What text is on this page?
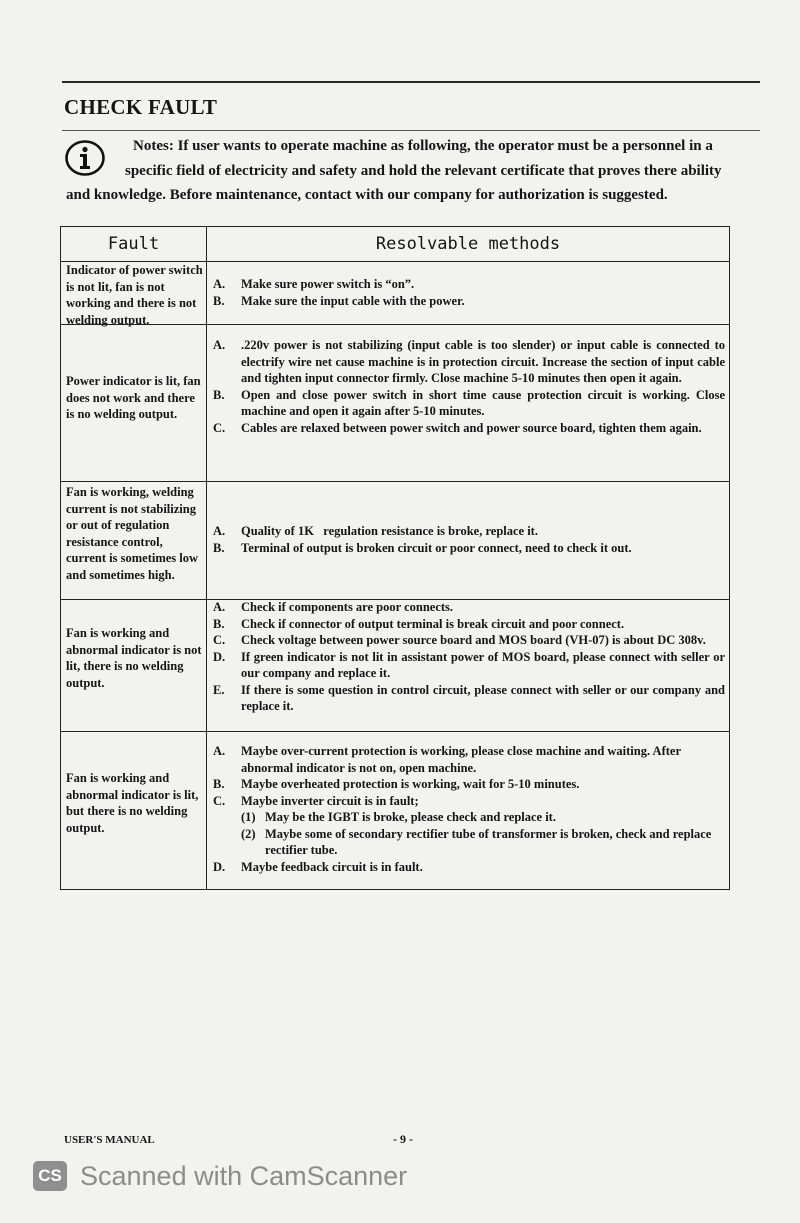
CHECK FAULT
Notes: If user wants to operate machine as following, the operator must be a personnel in a
specific field of electricity and safety and hold the relevant certificate that proves there ability
and knowledge. Before maintenance, contact with our company for authorization is suggested.
Fault	Resolvable methods
Indicator of power switch is not lit, fan is not working and there is not welding output.
A. Make sure power switch is “on”.
B. Make sure the input cable with the power.
Power indicator is lit, fan does not work and there is no welding output.
A. .220v power is not stabilizing (input cable is too slender) or input cable is connected to electrify wire net cause machine is in protection circuit. Increase the section of input cable and tighten input connector firmly. Close machine 5-10 minutes then open it again.
B. Open and close power switch in short time cause protection circuit is working. Close machine and open it again after 5-10 minutes.
C. Cables are relaxed between power switch and power source board, tighten them again.
Fan is working, welding current is not stabilizing or out of regulation resistance control, current is sometimes low and sometimes high.
A. Quality of 1K   regulation resistance is broke, replace it.
B. Terminal of output is broken circuit or poor connect, need to check it out.
Fan is working and abnormal indicator is not lit, there is no welding output.
A. Check if components are poor connects.
B. Check if connector of output terminal is break circuit and poor connect.
C. Check voltage between power source board and MOS board (VH-07) is about DC 308v.
D. If green indicator is not lit in assistant power of MOS board, please connect with seller or our company and replace it.
E. If there is some question in control circuit, please connect with seller or our company and replace it.
Fan is working and abnormal indicator is lit, but there is no welding output.
A. Maybe over-current protection is working, please close machine and waiting. After abnormal indicator is not on, open machine.
B. Maybe overheated protection is working, wait for 5-10 minutes.
C. Maybe inverter circuit is in fault;
(1) May be the IGBT is broke, please check and replace it.
(2) Maybe some of secondary rectifier tube of transformer is broken, check and replace rectifier tube.
D. Maybe feedback circuit is in fault.
USER'S MANUAL	- 9 -
CS Scanned with CamScanner
